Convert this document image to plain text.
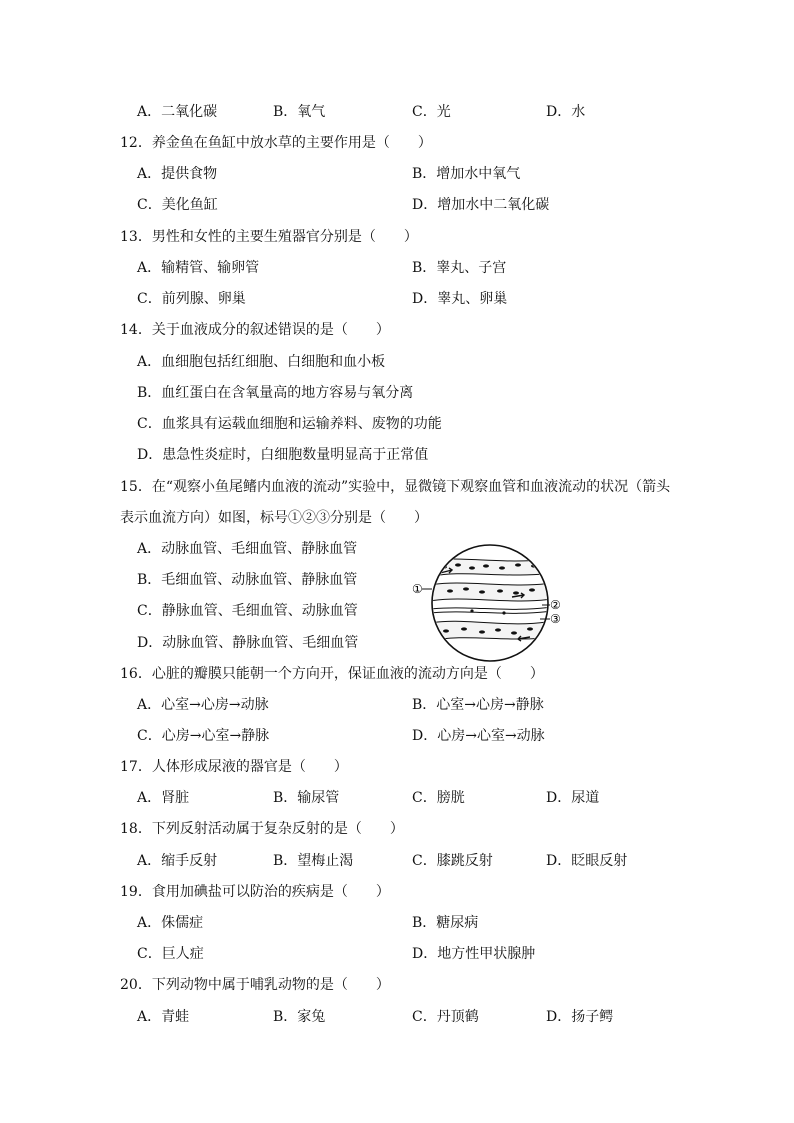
A．二氧化碳	B．氧气	C．光	D．水
12．养金鱼在鱼缸中放水草的主要作用是（　　）
A．提供食物	B．增加水中氧气
C．美化鱼缸	D．增加水中二氧化碳
13．男性和女性的主要生殖器官分别是（　　）
A．输精管、输卵管	B．睾丸、子宫
C．前列腺、卵巢	D．睾丸、卵巢
14．关于血液成分的叙述错误的是（　　）
A．血细胞包括红细胞、白细胞和血小板
B．血红蛋白在含氧量高的地方容易与氧分离
C．血浆具有运载血细胞和运输养料、废物的功能
D．患急性炎症时，白细胞数量明显高于正常值
15．在“观察小鱼尾鳍内血液的流动”实验中，显微镜下观察血管和血液流动的状况（箭头
表示血流方向）如图，标号①②③分别是（　　）
A．动脉血管、毛细血管、静脉血管
B．毛细血管、动脉血管、静脉血管
C．静脉血管、毛细血管、动脉血管
D．动脉血管、静脉血管、毛细血管
①
②
③
16．心脏的瓣膜只能朝一个方向开，保证血液的流动方向是（　　）
A．心室→心房→动脉	B．心室→心房→静脉
C．心房→心室→静脉	D．心房→心室→动脉
17．人体形成尿液的器官是（　　）
A．肾脏	B．输尿管	C．膀胱	D．尿道
18．下列反射活动属于复杂反射的是（　　）
A．缩手反射	B．望梅止渴	C．膝跳反射	D．眨眼反射
19．食用加碘盐可以防治的疾病是（　　）
A．侏儒症	B．糖尿病
C．巨人症	D．地方性甲状腺肿
20．下列动物中属于哺乳动物的是（　　）
A．青蛙	B．家兔	C．丹顶鹤	D．扬子鳄
